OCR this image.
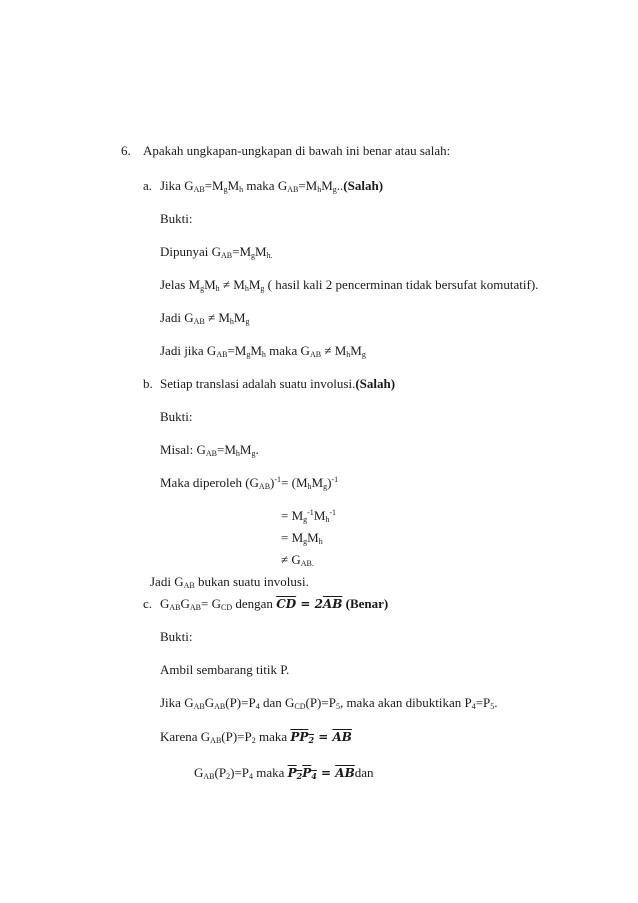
6. Apakah ungkapan-ungkapan di bawah ini benar atau salah:
a. Jika $G_{AB}=M_gM_h$ maka $G_{AB}=M_hM_g..(Salah)$
Bukti:
Dipunyai $G_{AB}=M_gM_{h.}$
Jelas $M_gM_h \ne M_hM_g$ ( hasil kali 2 pencerminan tidak bersufat komutatif).
Jadi $G_{AB} \ne M_hM_g$
Jadi jika $G_{AB}=M_gM_h$ maka $G_{AB} \ne M_hM_g$
b. Setiap translasi adalah suatu involusi.(Salah)
Bukti:
Misal: $G_{AB}=M_hM_g$.
Maka diperoleh $(G_{AB})^{-1}= (M_hM_g)^{-1}$
= $M_g^{-1}M_h^{-1}$
= $M_gM_h$
≠ $G_{AB.}$
Jadi $G_{AB}$ bukan suatu involusi.
c. $G_{AB}G_{AB}= G_{CD}$ dengan $\overline{CD} = 2\overline{AB}$ (Benar)
Bukti:
Ambil sembarang titik P.
Jika $G_{AB}G_{AB}(P)=P_4$ dan $G_{CD}(P)=P_5$, maka akan dibuktikan $P_4=P_5$.
Karena $G_{AB}(P)=P_2$ maka $PP_2 = \overline{AB}$
$G_{AB}(P_2)=P_4$ maka $P_2P_4 = \overline{AB}dan$
